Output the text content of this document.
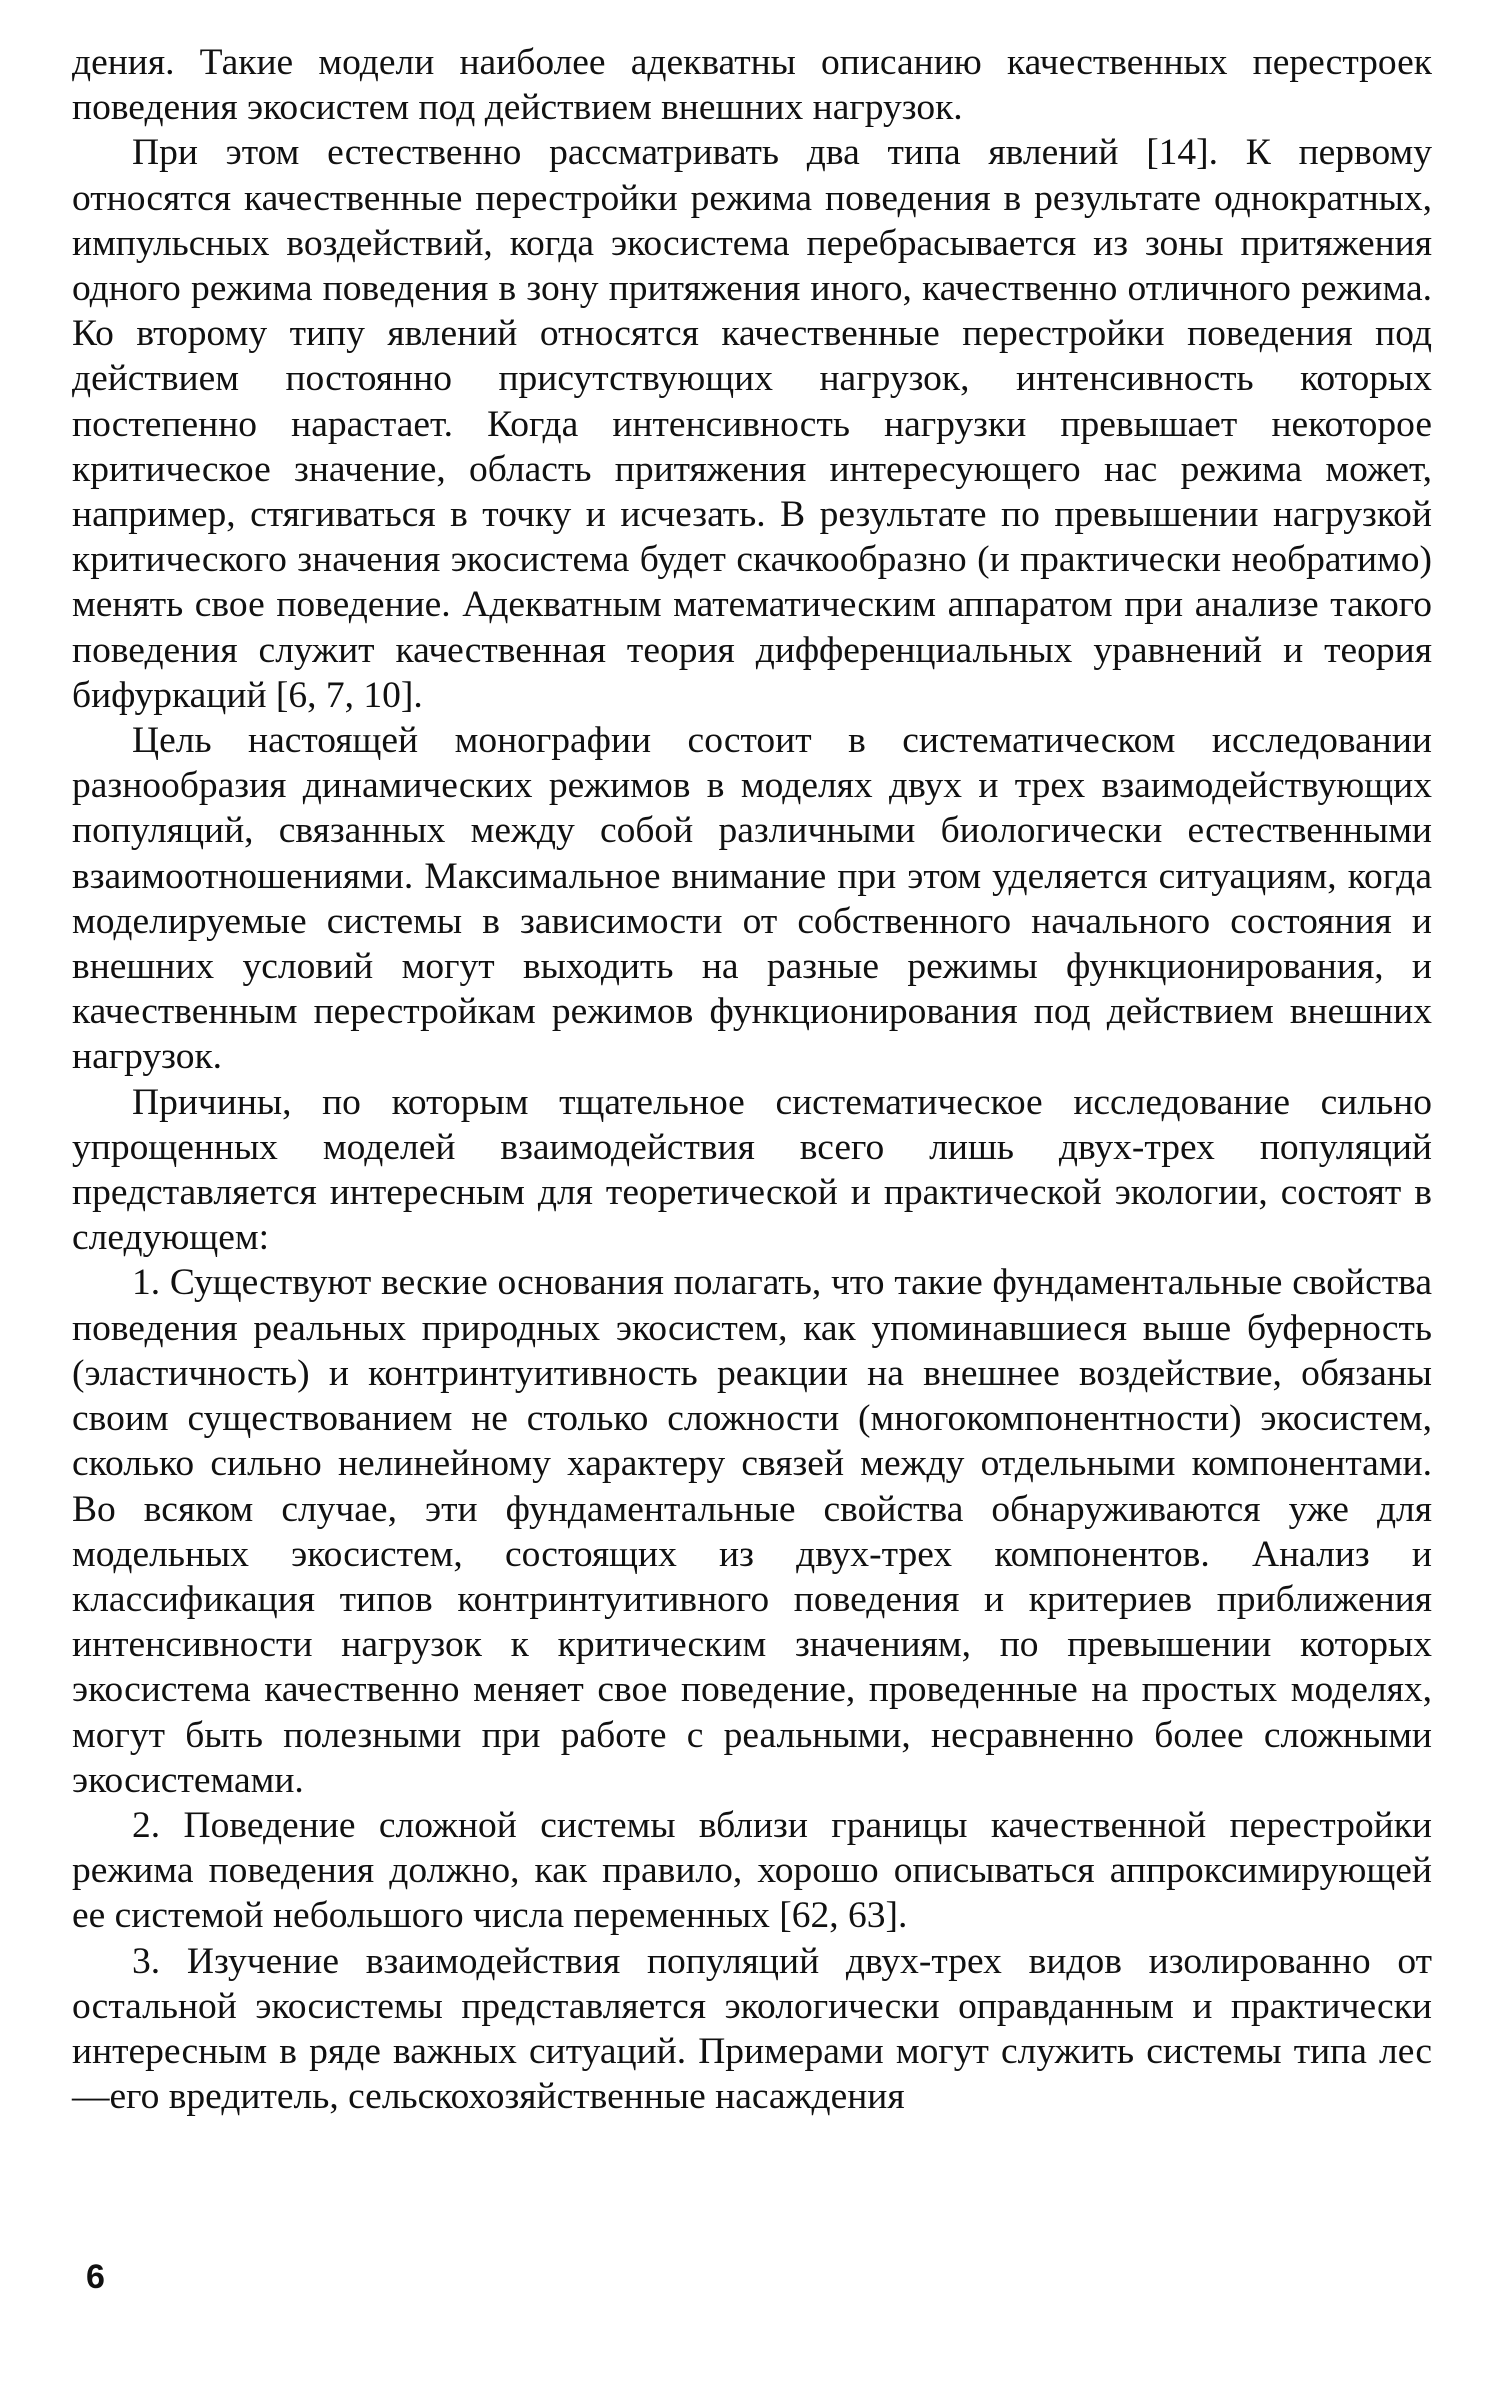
дения. Такие модели наиболее адекватны описанию качественных перестроек поведения экосистем под действием внешних нагрузок.

При этом естественно рассматривать два типа явлений [14]. К первому относятся качественные перестройки режима поведения в результате однократных, импульсных воздействий, когда экосистема перебрасывается из зоны притяжения одного режима поведения в зону притяжения иного, качественно отличного режима. Ко второму типу явлений относятся качественные перестройки поведения под действием постоянно присутствующих нагрузок, интенсивность которых постепенно нарастает. Когда интенсивность нагрузки превышает некоторое критическое значение, область притяжения интересующего нас режима может, например, стягиваться в точку и исчезать. В результате по превышении нагрузкой критического значения экосистема будет скачкообразно (и практически необратимо) менять свое поведение. Адекватным математическим аппаратом при анализе такого поведения служит качественная теория дифференциальных уравнений и теория бифуркаций [6, 7, 10].

Цель настоящей монографии состоит в систематическом исследовании разнообразия динамических режимов в моделях двух и трех взаимодействующих популяций, связанных между собой различными биологически естественными взаимоотношениями. Максимальное внимание при этом уделяется ситуациям, когда моделируемые системы в зависимости от собственного начального состояния и внешних условий могут выходить на разные режимы функционирования, и качественным перестройкам режимов функционирования под действием внешних нагрузок.

Причины, по которым тщательное систематическое исследование сильно упрощенных моделей взаимодействия всего лишь двух-трех популяций представляется интересным для теоретической и практической экологии, состоят в следующем:

1. Существуют веские основания полагать, что такие фундаментальные свойства поведения реальных природных экосистем, как упоминавшиеся выше буферность (эластичность) и контринтуитивность реакции на внешнее воздействие, обязаны своим существованием не столько сложности (многокомпонентности) экосистем, сколько сильно нелинейному характеру связей между отдельными компонентами. Во всяком случае, эти фундаментальные свойства обнаруживаются уже для модельных экосистем, состоящих из двух-трех компонентов. Анализ и классификация типов контринтуитивного поведения и критериев приближения интенсивности нагрузок к критическим значениям, по превышении которых экосистема качественно меняет свое поведение, проведенные на простых моделях, могут быть полезными при работе с реальными, несравненно более сложными экосистемами.

2. Поведение сложной системы вблизи границы качественной перестройки режима поведения должно, как правило, хорошо описываться аппроксимирующей ее системой небольшого числа переменных [62, 63].

3. Изучение взаимодействия популяций двух-трех видов изолированно от остальной экосистемы представляется экологически оправданным и практически интересным в ряде важных ситуаций. Примерами могут служить системы типа лес—его вредитель, сельскохозяйственные насаждения

6
